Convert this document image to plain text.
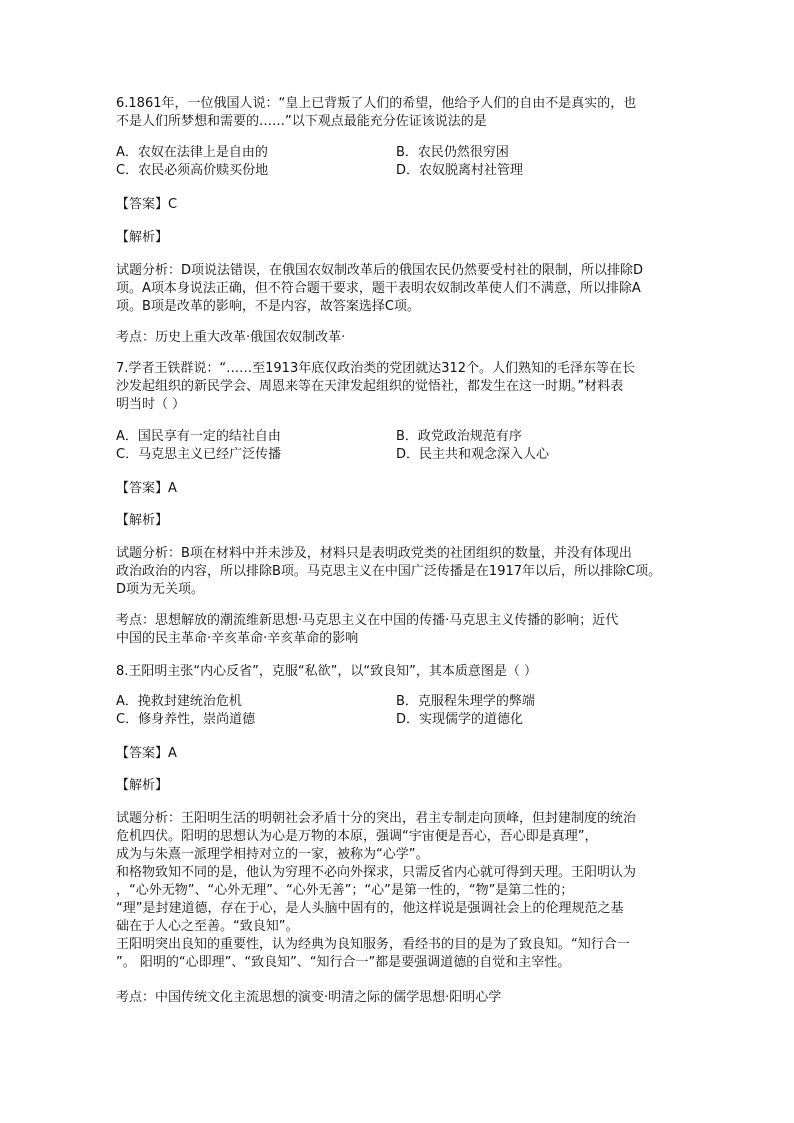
6.1861年，一位俄国人说：“皇上已背叛了人们的希望，他给予人们的自由不是真实的，也
不是人们所梦想和需要的……”以下观点最能充分佐证该说法的是
A．农奴在法律上是自由的	B．农民仍然很穷困
C．农民必须高价赎买份地	D．农奴脱离村社管理
【答案】C
【解析】
试题分析：D项说法错误，在俄国农奴制改革后的俄国农民仍然要受村社的限制，所以排除D
项。A项本身说法正确，但不符合题干要求，题干表明农奴制改革使人们不满意，所以排除A
项。B项是改革的影响，不是内容，故答案选择C项。
考点：历史上重大改革·俄国农奴制改革·
7.学者王铁群说：“……至1913年底仅政治类的党团就达312个。人们熟知的毛泽东等在长
沙发起组织的新民学会、周恩来等在天津发起组织的觉悟社，都发生在这一时期。”材料表
明当时（ ）
A．国民享有一定的结社自由	B．政党政治规范有序
C．马克思主义已经广泛传播	D．民主共和观念深入人心
【答案】A
【解析】
试题分析：B项在材料中并未涉及，材料只是表明政党类的社团组织的数量，并没有体现出
政治政治的内容，所以排除B项。马克思主义在中国广泛传播是在1917年以后，所以排除C项。
D项为无关项。
考点：思想解放的潮流维新思想·马克思主义在中国的传播·马克思主义传播的影响；近代
中国的民主革命·辛亥革命·辛亥革命的影响
8.王阳明主张“内心反省”，克服“私欲”，以“致良知”，其本质意图是（ ）
A．挽救封建统治危机	B．克服程朱理学的弊端
C．修身养性，崇尚道德	D．实现儒学的道德化
【答案】A
【解析】
试题分析：王阳明生活的明朝社会矛盾十分的突出，君主专制走向顶峰，但封建制度的统治
危机四伏。阳明的思想认为心是万物的本原，强调“宇宙便是吾心，吾心即是真理”，
成为与朱熹一派理学相持对立的一家，被称为“心学”。
和格物致知不同的是，他认为穷理不必向外探求，只需反省内心就可得到天理。王阳明认为
，“心外无物”、“心外无理”、“心外无善”；“心”是第一性的，“物”是第二性的；
“理”是封建道德，存在于心，是人头脑中固有的，他这样说是强调社会上的伦理规范之基
础在于人心之至善。“致良知”。
王阳明突出良知的重要性，认为经典为良知服务，看经书的目的是为了致良知。“知行合一
”。 阳明的“心即理”、“致良知”、“知行合一”都是要强调道德的自觉和主宰性。
考点：中国传统文化主流思想的演变·明清之际的儒学思想·阳明心学
